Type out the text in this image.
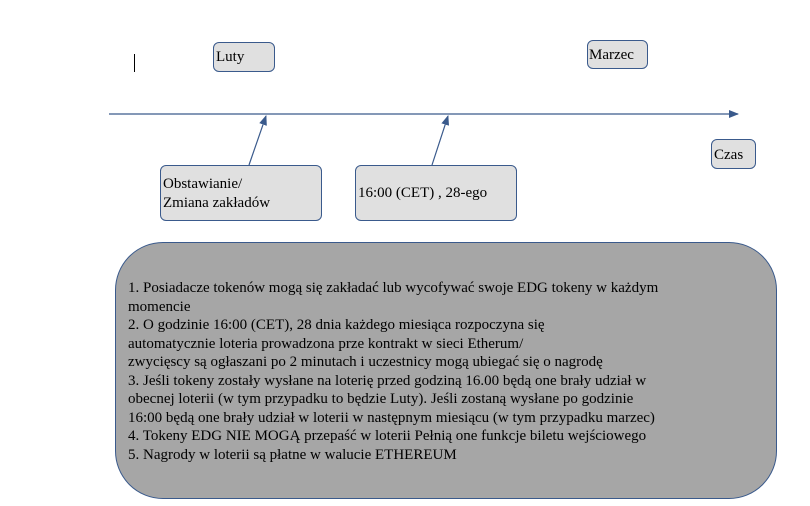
Luty	Marzec
Czas
Obstawianie/
Zmiana zakładów
16:00 (CET) , 28-ego
1. Posiadacze tokenów mogą się zakładać lub wycofywać swoje EDG tokeny w każdym
momencie
2. O godzinie 16:00 (CET), 28 dnia każdego miesiąca rozpoczyna się
automatycznie loteria prowadzona prze kontrakt w sieci Etherum/
zwycięscy są ogłaszani po 2 minutach i uczestnicy mogą ubiegać się o nagrodę
3. Jeśli tokeny zostały wysłane na loterię przed godziną 16.00 będą one brały udział w
obecnej loterii (w tym przypadku to będzie Luty). Jeśli zostaną wysłane po godzinie
16:00 będą one brały udział w loterii w następnym miesiącu (w tym przypadku marzec)
4. Tokeny EDG NIE MOGĄ przepaść w loterii Pełnią one funkcje biletu wejściowego
5. Nagrody w loterii są płatne w walucie ETHEREUM
